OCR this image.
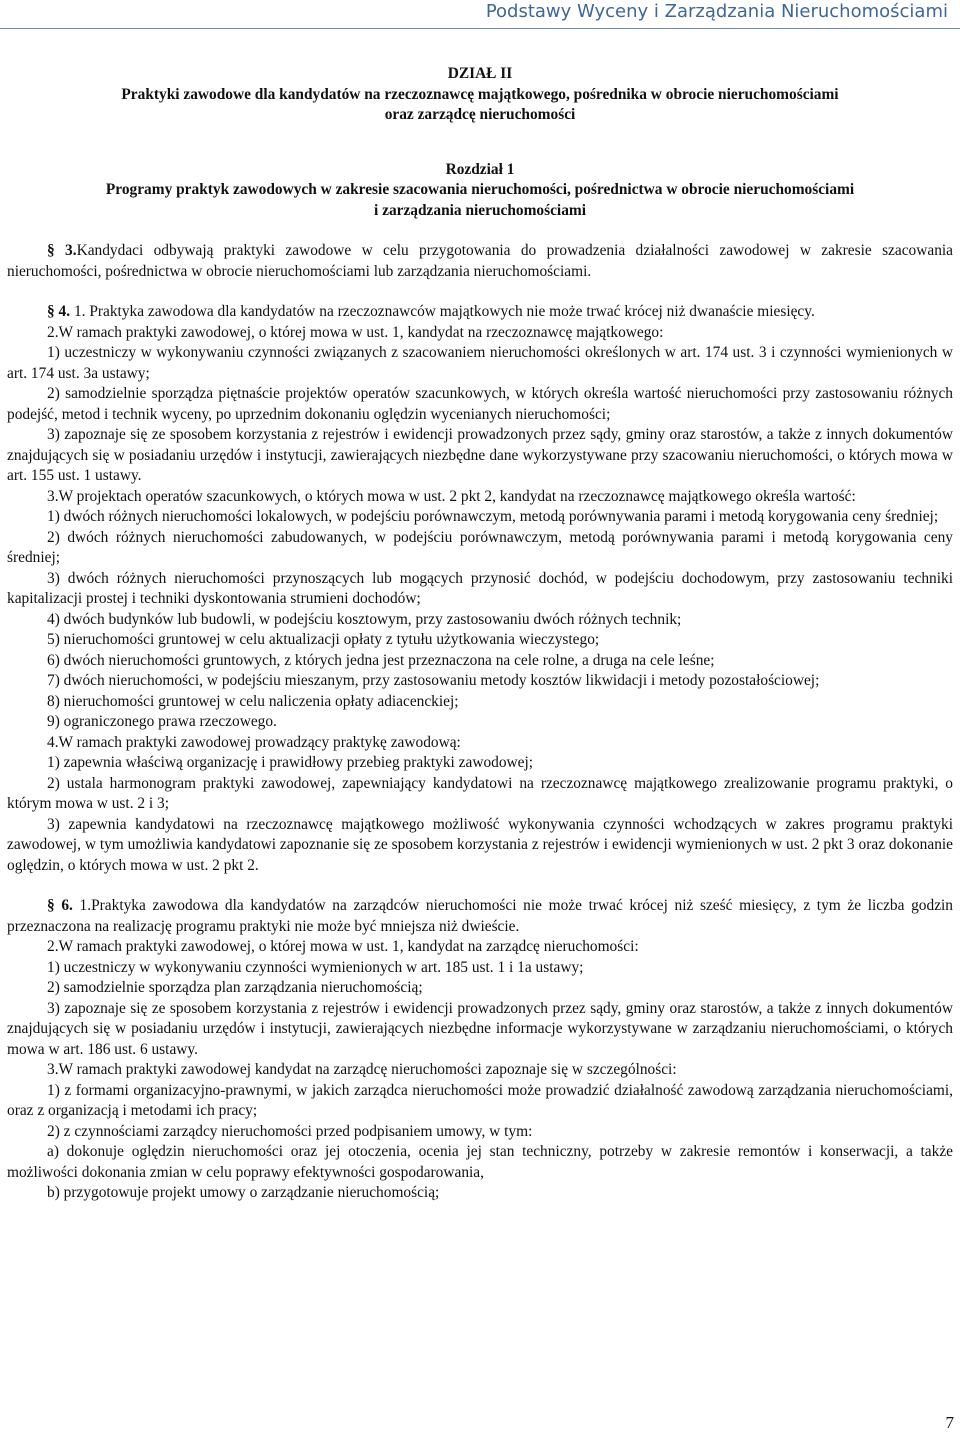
Podstawy Wyceny i Zarządzania Nieruchomościami

DZIAŁ II

Praktyki zawodowe dla kandydatów na rzeczoznawcę majątkowego, pośrednika w obrocie nieruchomościami

oraz zarządcę nieruchomości

Rozdział 1

Programy praktyk zawodowych w zakresie szacowania nieruchomości, pośrednictwa w obrocie nieruchomościami

i zarządzania nieruchomościami

§ 3.Kandydaci odbywają praktyki zawodowe w celu przygotowania do prowadzenia działalności zawodowej w zakresie szacowania nieruchomości, pośrednictwa w obrocie nieruchomościami lub zarządzania nieruchomościami.

§ 4. 1. Praktyka zawodowa dla kandydatów na rzeczoznawców majątkowych nie może trwać krócej niż dwanaście miesięcy.

2.W ramach praktyki zawodowej, o której mowa w ust. 1, kandydat na rzeczoznawcę majątkowego:

1) uczestniczy w wykonywaniu czynności związanych z szacowaniem nieruchomości określonych w art. 174 ust. 3 i czynności wymienionych w art. 174 ust. 3a ustawy;

2) samodzielnie sporządza piętnaście projektów operatów szacunkowych, w których określa wartość nieruchomości przy zastosowaniu różnych podejść, metod i technik wyceny, po uprzednim dokonaniu oględzin wycenianych nieruchomości;

3) zapoznaje się ze sposobem korzystania z rejestrów i ewidencji prowadzonych przez sądy, gminy oraz starostów, a także z innych dokumentów znajdujących się w posiadaniu urzędów i instytucji, zawierających niezbędne dane wykorzystywane przy szacowaniu nieruchomości, o których mowa w art. 155 ust. 1 ustawy.

3.W projektach operatów szacunkowych, o których mowa w ust. 2 pkt 2, kandydat na rzeczoznawcę majątkowego określa wartość:

1) dwóch różnych nieruchomości lokalowych, w podejściu porównawczym, metodą porównywania parami i metodą korygowania ceny średniej;

2) dwóch różnych nieruchomości zabudowanych, w podejściu porównawczym, metodą porównywania parami i metodą korygowania ceny średniej;

3) dwóch różnych nieruchomości przynoszących lub mogących przynosić dochód, w podejściu dochodowym, przy zastosowaniu techniki kapitalizacji prostej i techniki dyskontowania strumieni dochodów;

4) dwóch budynków lub budowli, w podejściu kosztowym, przy zastosowaniu dwóch różnych technik;

5) nieruchomości gruntowej w celu aktualizacji opłaty z tytułu użytkowania wieczystego;

6) dwóch nieruchomości gruntowych, z których jedna jest przeznaczona na cele rolne, a druga na cele leśne;

7) dwóch nieruchomości, w podejściu mieszanym, przy zastosowaniu metody kosztów likwidacji i metody pozostałościowej;

8) nieruchomości gruntowej w celu naliczenia opłaty adiacenckiej;

9) ograniczonego prawa rzeczowego.

4.W ramach praktyki zawodowej prowadzący praktykę zawodową:

1) zapewnia właściwą organizację i prawidłowy przebieg praktyki zawodowej;

2) ustala harmonogram praktyki zawodowej, zapewniający kandydatowi na rzeczoznawcę majątkowego zrealizowanie programu praktyki, o którym mowa w ust. 2 i 3;

3) zapewnia kandydatowi na rzeczoznawcę majątkowego możliwość wykonywania czynności wchodzących w zakres programu praktyki zawodowej, w tym umożliwia kandydatowi zapoznanie się ze sposobem korzystania z rejestrów i ewidencji wymienionych w ust. 2 pkt 3 oraz dokonanie oględzin, o których mowa w ust. 2 pkt 2.

§ 6. 1.Praktyka zawodowa dla kandydatów na zarządców nieruchomości nie może trwać krócej niż sześć miesięcy, z tym że liczba godzin przeznaczona na realizację programu praktyki nie może być mniejsza niż dwieście.

2.W ramach praktyki zawodowej, o której mowa w ust. 1, kandydat na zarządcę nieruchomości:

1) uczestniczy w wykonywaniu czynności wymienionych w art. 185 ust. 1 i 1a ustawy;

2) samodzielnie sporządza plan zarządzania nieruchomością;

3) zapoznaje się ze sposobem korzystania z rejestrów i ewidencji prowadzonych przez sądy, gminy oraz starostów, a także z innych dokumentów znajdujących się w posiadaniu urzędów i instytucji, zawierających niezbędne informacje wykorzystywane w zarządzaniu nieruchomościami, o których mowa w art. 186 ust. 6 ustawy.

3.W ramach praktyki zawodowej kandydat na zarządcę nieruchomości zapoznaje się w szczególności:

1) z formami organizacyjno-prawnymi, w jakich zarządca nieruchomości może prowadzić działalność zawodową zarządzania nieruchomościami, oraz z organizacją i metodami ich pracy;

2) z czynnościami zarządcy nieruchomości przed podpisaniem umowy, w tym:

a) dokonuje oględzin nieruchomości oraz jej otoczenia, ocenia jej stan techniczny, potrzeby w zakresie remontów i konserwacji, a także możliwości dokonania zmian w celu poprawy efektywności gospodarowania,

b) przygotowuje projekt umowy o zarządzanie nieruchomością;

7
